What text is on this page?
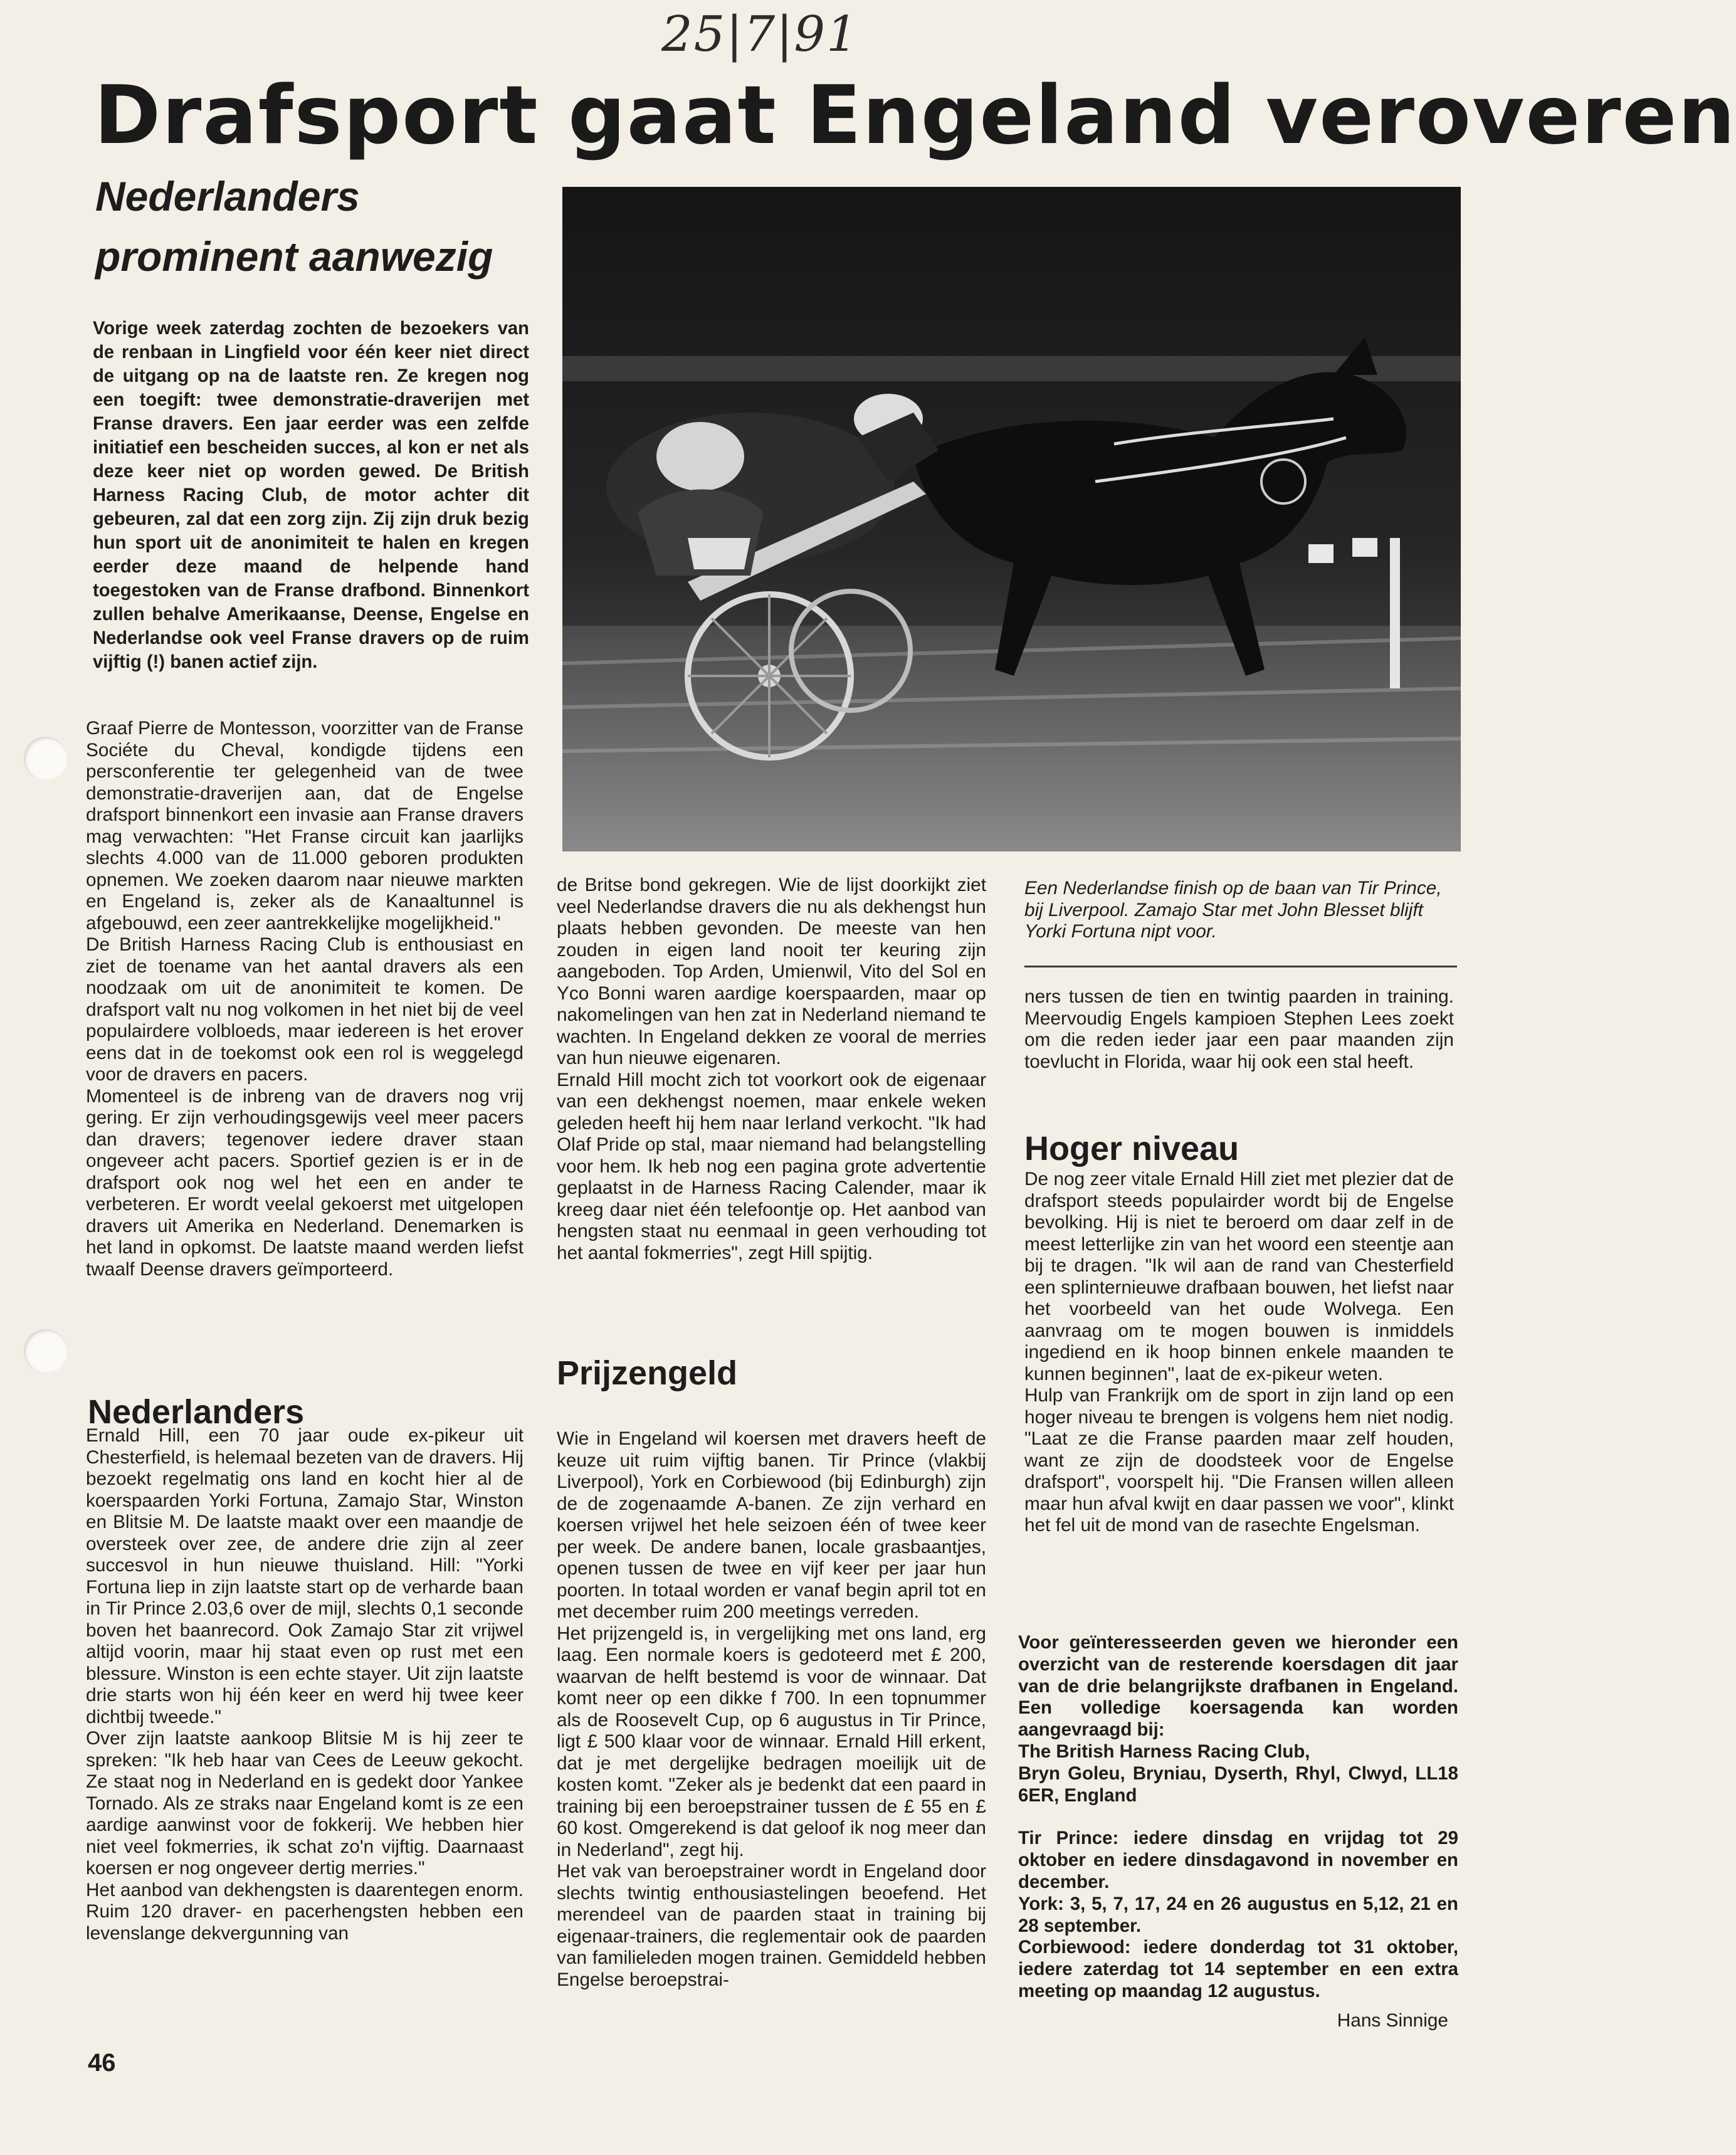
25|7|91
Drafsport gaat Engeland veroveren
Nederlanders
prominent aanwezig
Vorige week zaterdag zochten de bezoekers van de renbaan in Lingfield voor één keer niet direct de uitgang op na de laatste ren. Ze kregen nog een toegift: twee demonstratie-draverijen met Franse dravers. Een jaar eerder was een zelfde initiatief een bescheiden succes, al kon er net als deze keer niet op worden gewed. De British Harness Racing Club, de motor achter dit gebeuren, zal dat een zorg zijn. Zij zijn druk bezig hun sport uit de anonimiteit te halen en kregen eerder deze maand de helpende hand toegestoken van de Franse drafbond. Binnenkort zullen behalve Amerikaanse, Deense, Engelse en Nederlandse ook veel Franse dravers op de ruim vijftig (!) banen actief zijn.

Graaf Pierre de Montesson, voorzitter van de Franse Sociéte du Cheval, kondigde tijdens een persconferentie ter gelegenheid van de twee demonstratie-draverijen aan, dat de Engelse drafsport binnenkort een invasie aan Franse dravers mag verwachten: "Het Franse circuit kan jaarlijks slechts 4.000 van de 11.000 geboren produkten opnemen. We zoeken daarom naar nieuwe markten en Engeland is, zeker als de Kanaaltunnel is afgebouwd, een zeer aantrekkelijke mogelijkheid."

De British Harness Racing Club is enthousiast en ziet de toename van het aantal dravers als een noodzaak om uit de anonimiteit te komen. De drafsport valt nu nog volkomen in het niet bij de veel populairdere volbloeds, maar iedereen is het erover eens dat in de toekomst ook een rol is weggelegd voor de dravers en pacers.

Momenteel is de inbreng van de dravers nog vrij gering. Er zijn verhoudingsgewijs veel meer pacers dan dravers; tegenover iedere draver staan ongeveer acht pacers. Sportief gezien is er in de drafsport ook nog wel het een en ander te verbeteren. Er wordt veelal gekoerst met uitgelopen dravers uit Amerika en Nederland. Denemarken is het land in opkomst. De laatste maand werden liefst twaalf Deense dravers geïmporteerd.

Nederlanders

Ernald Hill, een 70 jaar oude ex-pikeur uit Chesterfield, is helemaal bezeten van de dravers. Hij bezoekt regelmatig ons land en kocht hier al de koerspaarden Yorki Fortuna, Zamajo Star, Winston en Blitsie M. De laatste maakt over een maandje de oversteek over zee, de andere drie zijn al zeer succesvol in hun nieuwe thuisland. Hill: "Yorki Fortuna liep in zijn laatste start op de verharde baan in Tir Prince 2.03,6 over de mijl, slechts 0,1 seconde boven het baanrecord. Ook Zamajo Star zit vrijwel altijd voorin, maar hij staat even op rust met een blessure. Winston is een echte stayer. Uit zijn laatste drie starts won hij één keer en werd hij twee keer dichtbij tweede."

Over zijn laatste aankoop Blitsie M is hij zeer te spreken: "Ik heb haar van Cees de Leeuw gekocht. Ze staat nog in Nederland en is gedekt door Yankee Tornado. Als ze straks naar Engeland komt is ze een aardige aanwinst voor de fokkerij. We hebben hier niet veel fokmerries, ik schat zo'n vijftig. Daarnaast koersen er nog ongeveer dertig merries."

Het aanbod van dekhengsten is daarentegen enorm. Ruim 120 draver- en pacerhengsten hebben een levenslange dekvergunning van

Een Nederlandse finish op de baan van Tir Prince, bij Liverpool. Zamajo Star met John Blesset blijft Yorki Fortuna nipt voor.

de Britse bond gekregen. Wie de lijst doorkijkt ziet veel Nederlandse dravers die nu als dekhengst hun plaats hebben gevonden. De meeste van hen zouden in eigen land nooit ter keuring zijn aangeboden. Top Arden, Umienwil, Vito del Sol en Yco Bonni waren aardige koerspaarden, maar op nakomelingen van hen zat in Nederland niemand te wachten. In Engeland dekken ze vooral de merries van hun nieuwe eigenaren.

Ernald Hill mocht zich tot voorkort ook de eigenaar van een dekhengst noemen, maar enkele weken geleden heeft hij hem naar Ierland verkocht. "Ik had Olaf Pride op stal, maar niemand had belangstelling voor hem. Ik heb nog een pagina grote advertentie geplaatst in de Harness Racing Calender, maar ik kreeg daar niet één telefoontje op. Het aanbod van hengsten staat nu eenmaal in geen verhouding tot het aantal fokmerries", zegt Hill spijtig.

Prijzengeld

Wie in Engeland wil koersen met dravers heeft de keuze uit ruim vijftig banen. Tir Prince (vlakbij Liverpool), York en Corbiewood (bij Edinburgh) zijn de de zogenaamde A-banen. Ze zijn verhard en koersen vrijwel het hele seizoen één of twee keer per week. De andere banen, locale grasbaantjes, openen tussen de twee en vijf keer per jaar hun poorten. In totaal worden er vanaf begin april tot en met december ruim 200 meetings verreden.

Het prijzengeld is, in vergelijking met ons land, erg laag. Een normale koers is gedoteerd met £ 200, waarvan de helft bestemd is voor de winnaar. Dat komt neer op een dikke f 700. In een topnummer als de Roosevelt Cup, op 6 augustus in Tir Prince, ligt £ 500 klaar voor de winnaar. Ernald Hill erkent, dat je met dergelijke bedragen moeilijk uit de kosten komt. "Zeker als je bedenkt dat een paard in training bij een beroepstrainer tussen de £ 55 en £ 60 kost. Omgerekend is dat geloof ik nog meer dan in Nederland", zegt hij.

Het vak van beroepstrainer wordt in Engeland door slechts twintig enthousiastelingen beoefend. Het merendeel van de paarden staat in training bij eigenaar-trainers, die reglementair ook de paarden van familieleden mogen trainen. Gemiddeld hebben Engelse beroepstrai-

ners tussen de tien en twintig paarden in training. Meervoudig Engels kampioen Stephen Lees zoekt om die reden ieder jaar een paar maanden zijn toevlucht in Florida, waar hij ook een stal heeft.

Hoger niveau

De nog zeer vitale Ernald Hill ziet met plezier dat de drafsport steeds populairder wordt bij de Engelse bevolking. Hij is niet te beroerd om daar zelf in de meest letterlijke zin van het woord een steentje aan bij te dragen. "Ik wil aan de rand van Chesterfield een splinternieuwe drafbaan bouwen, het liefst naar het voorbeeld van het oude Wolvega. Een aanvraag om te mogen bouwen is inmiddels ingediend en ik hoop binnen enkele maanden te kunnen beginnen", laat de ex-pikeur weten.

Hulp van Frankrijk om de sport in zijn land op een hoger niveau te brengen is volgens hem niet nodig. "Laat ze die Franse paarden maar zelf houden, want ze zijn de doodsteek voor de Engelse drafsport", voorspelt hij. "Die Fransen willen alleen maar hun afval kwijt en daar passen we voor", klinkt het fel uit de mond van de rasechte Engelsman.

Voor geïnteresseerden geven we hieronder een overzicht van de resterende koersdagen dit jaar van de drie belangrijkste drafbanen in Engeland. Een volledige koersagenda kan worden aangevraagd bij:

The British Harness Racing Club,

Bryn Goleu, Bryniau, Dyserth, Rhyl, Clwyd, LL18 6ER, England

Tir Prince: iedere dinsdag en vrijdag tot 29 oktober en iedere dinsdagavond in november en december.

York: 3, 5, 7, 17, 24 en 26 augustus en 5,12, 21 en 28 september.

Corbiewood: iedere donderdag tot 31 oktober, iedere zaterdag tot 14 september en een extra meeting op maandag 12 augustus.

Hans Sinnige
46
